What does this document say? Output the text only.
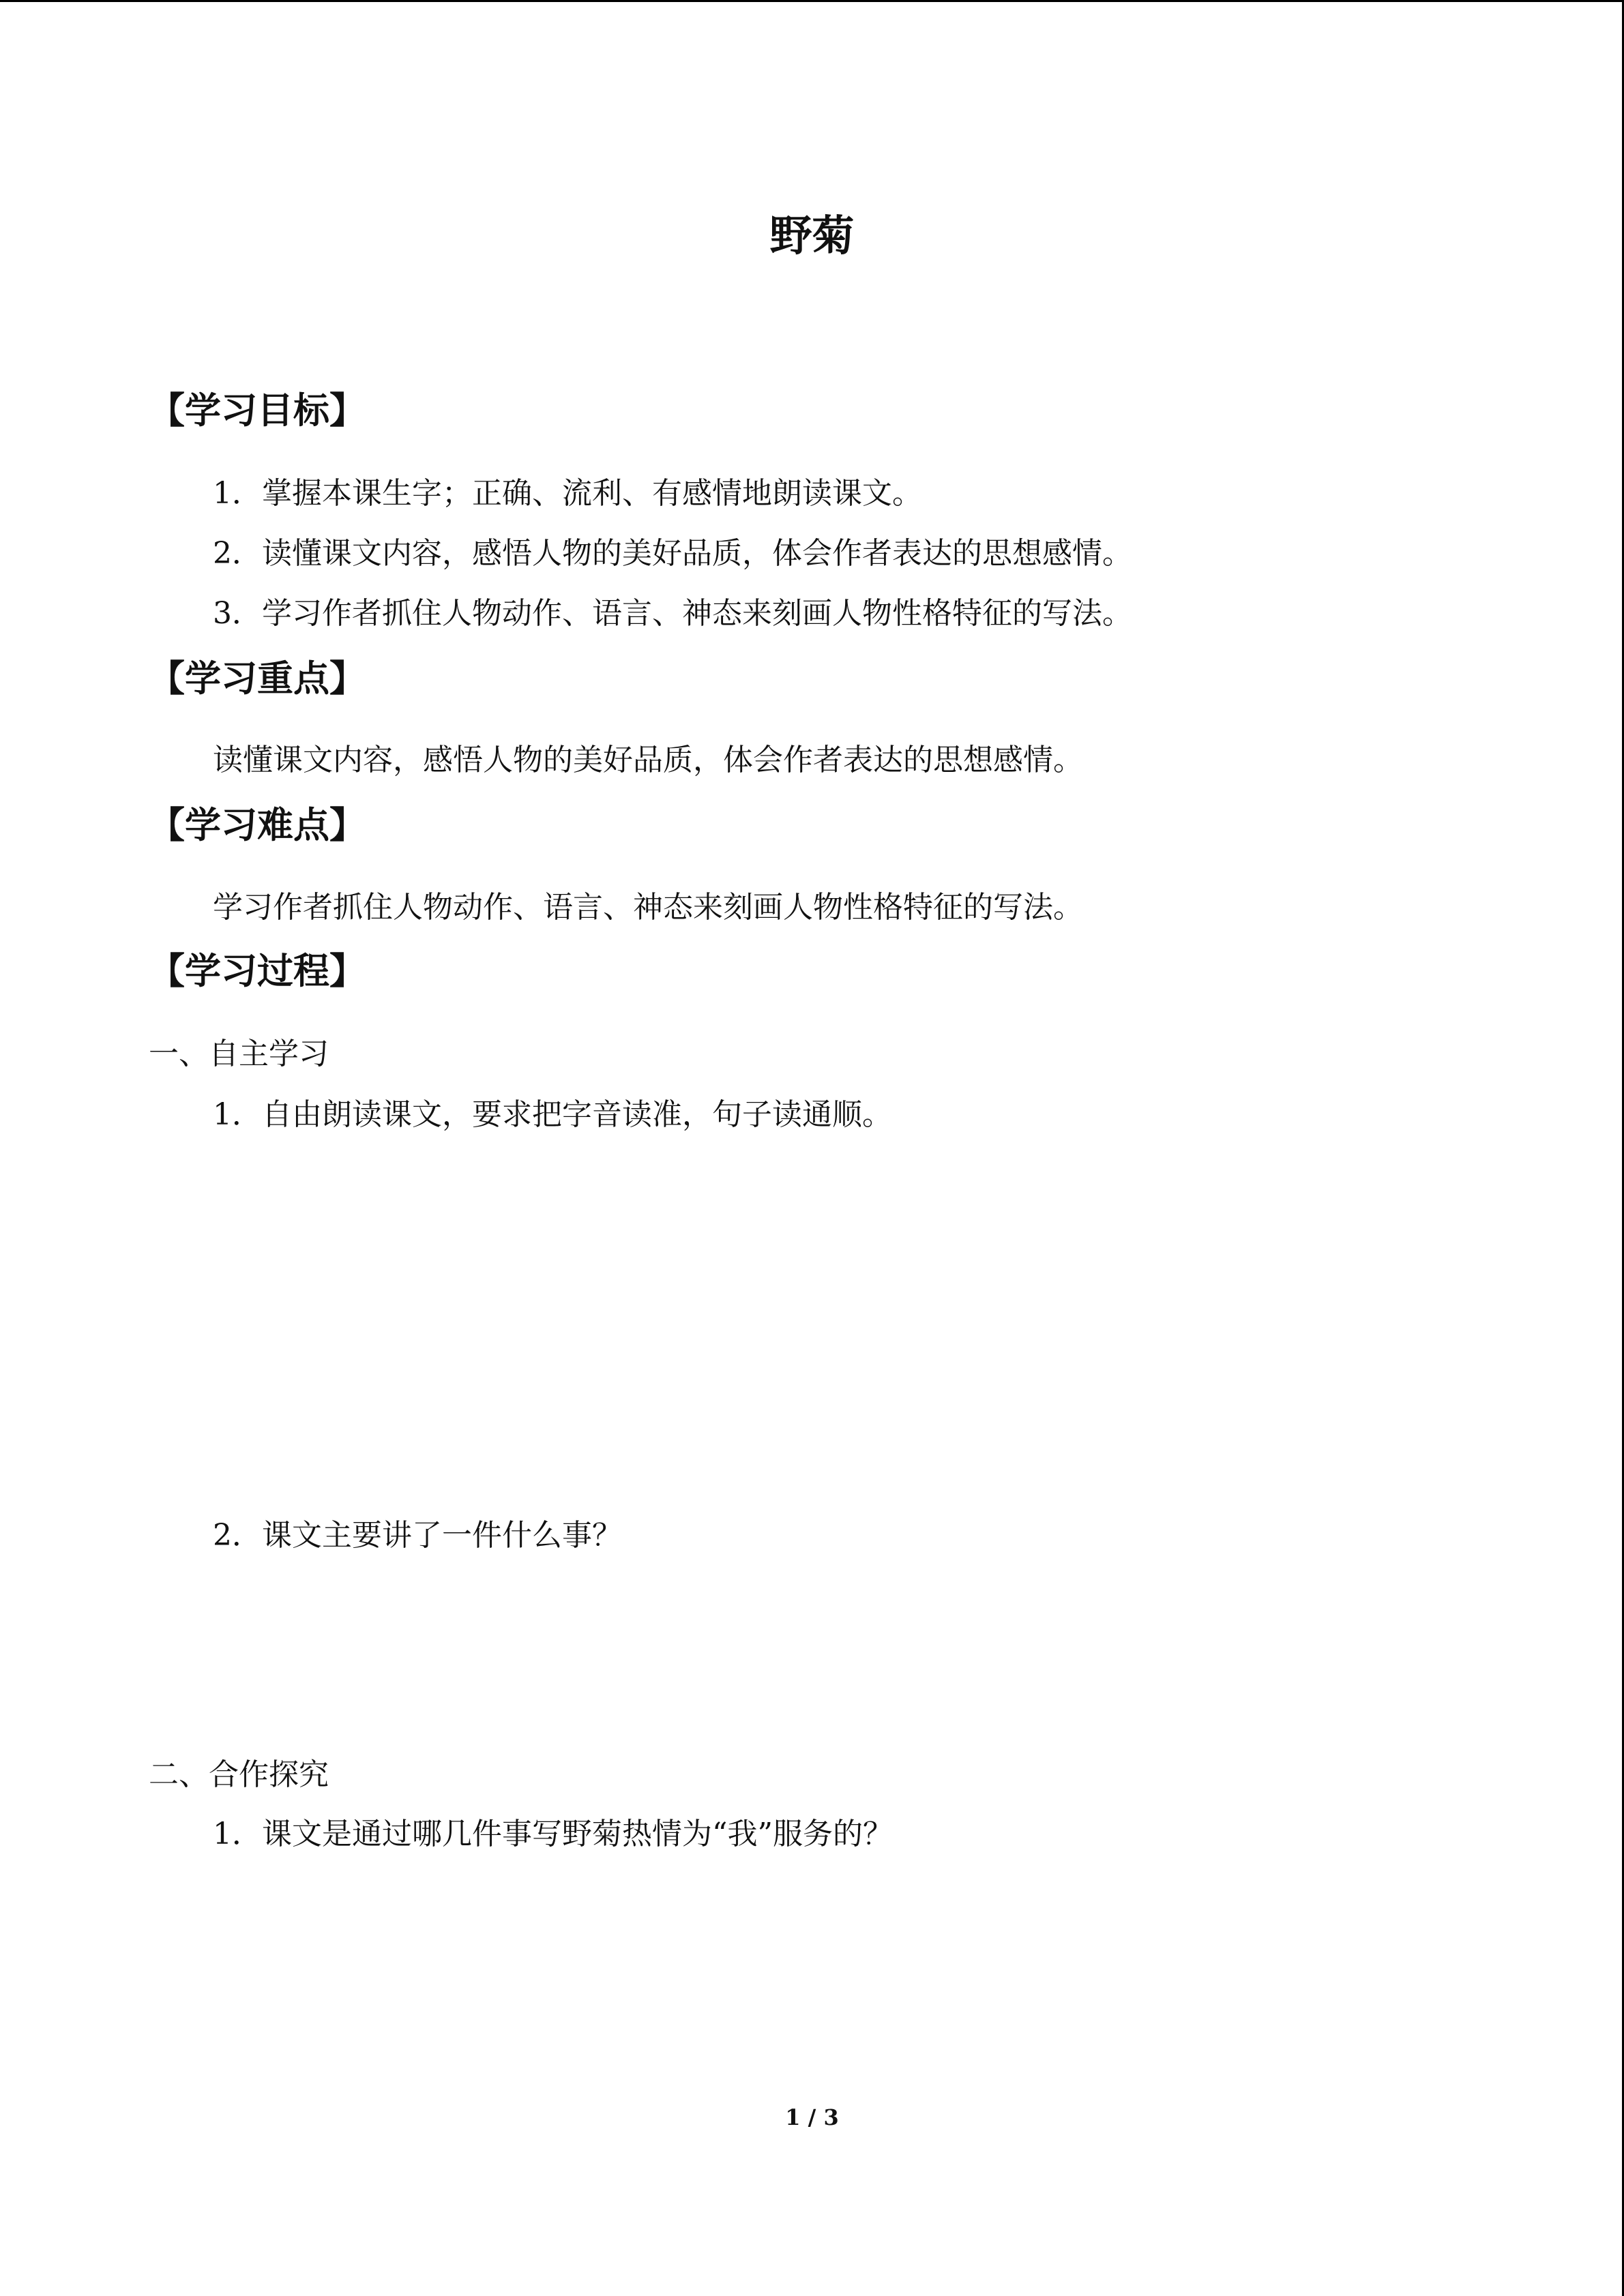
野菊
【学习目标】

1．掌握本课生字；正确、流利、有感情地朗读课文。

2．读懂课文内容，感悟人物的美好品质，体会作者表达的思想感情。

3．学习作者抓住人物动作、语言、神态来刻画人物性格特征的写法。

【学习重点】

读懂课文内容，感悟人物的美好品质，体会作者表达的思想感情。

【学习难点】

学习作者抓住人物动作、语言、神态来刻画人物性格特征的写法。

【学习过程】

一、自主学习

1．自由朗读课文，要求把字音读准，句子读通顺。

2．课文主要讲了一件什么事？

二、合作探究

1．课文是通过哪几件事写野菊热情为“我”服务的？

1 / 3
